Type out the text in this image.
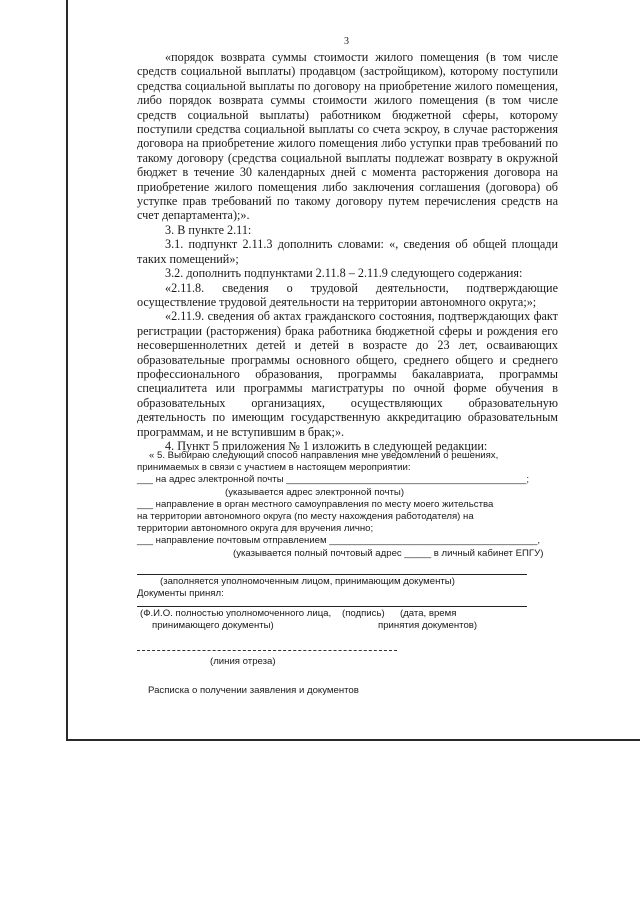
3

«порядок возврата суммы стоимости жилого помещения (в том числе средств социальной выплаты) продавцом (застройщиком), которому поступили средства социальной выплаты по договору на приобретение жилого помещения, либо порядок возврата суммы стоимости жилого помещения (в том числе средств социальной выплаты) работником бюджетной сферы, которому поступили средства социальной выплаты со счета эскроу, в случае расторжения договора на приобретение жилого помещения либо уступки прав требований по такому договору (средства социальной выплаты подлежат возврату в окружной бюджет в течение 30 календарных дней с момента расторжения договора на приобретение жилого помещения либо заключения соглашения (договора) об уступке прав требований по такому договору путем перечисления средств на счет департамента);».

3. В пункте 2.11:

3.1. подпункт 2.11.3 дополнить словами: «, сведения об общей площади таких помещений»;

3.2. дополнить подпунктами 2.11.8 – 2.11.9 следующего содержания:

«2.11.8. сведения о трудовой деятельности, подтверждающие осуществление трудовой деятельности на территории автономного округа;»;

«2.11.9. сведения об актах гражданского состояния, подтверждающих факт регистрации (расторжения) брака работника бюджетной сферы и рождения его несовершеннолетних детей и детей в возрасте до 23 лет, осваивающих образовательные программы основного общего, среднего общего и среднего профессионального образования, программы бакалавриата, программы специалитета или программы магистратуры по очной форме обучения в образовательных организациях, осуществляющих образовательную деятельность по имеющим государственную аккредитацию образовательным программам, и не вступившим в брак;».

4. Пункт 5 приложения № 1 изложить в следующей редакции:

« 5. Выбираю следующий способ направления мне уведомлений о решениях,

принимаемых в связи с участием в настоящем мероприятии:

___ на адрес электронной почты _____________________________________________;

(указывается адрес электронной почты)

___ направление в орган местного самоуправления по месту моего жительства

на территории автономного округа (по месту нахождения работодателя) на

территории автономного округа для вручения лично;

___ направление почтовым отправлением _______________________________________,

(указывается полный почтовый адрес _____ в личный кабинет ЕПГУ)

(заполняется уполномоченным лицом, принимающим документы)
Документы принял:
(Ф.И.О. полностью уполномоченного лица,
принимающего документы)
(подпись) (дата, время
принятия документов)
(линия отреза)
Расписка о получении заявления и документов
